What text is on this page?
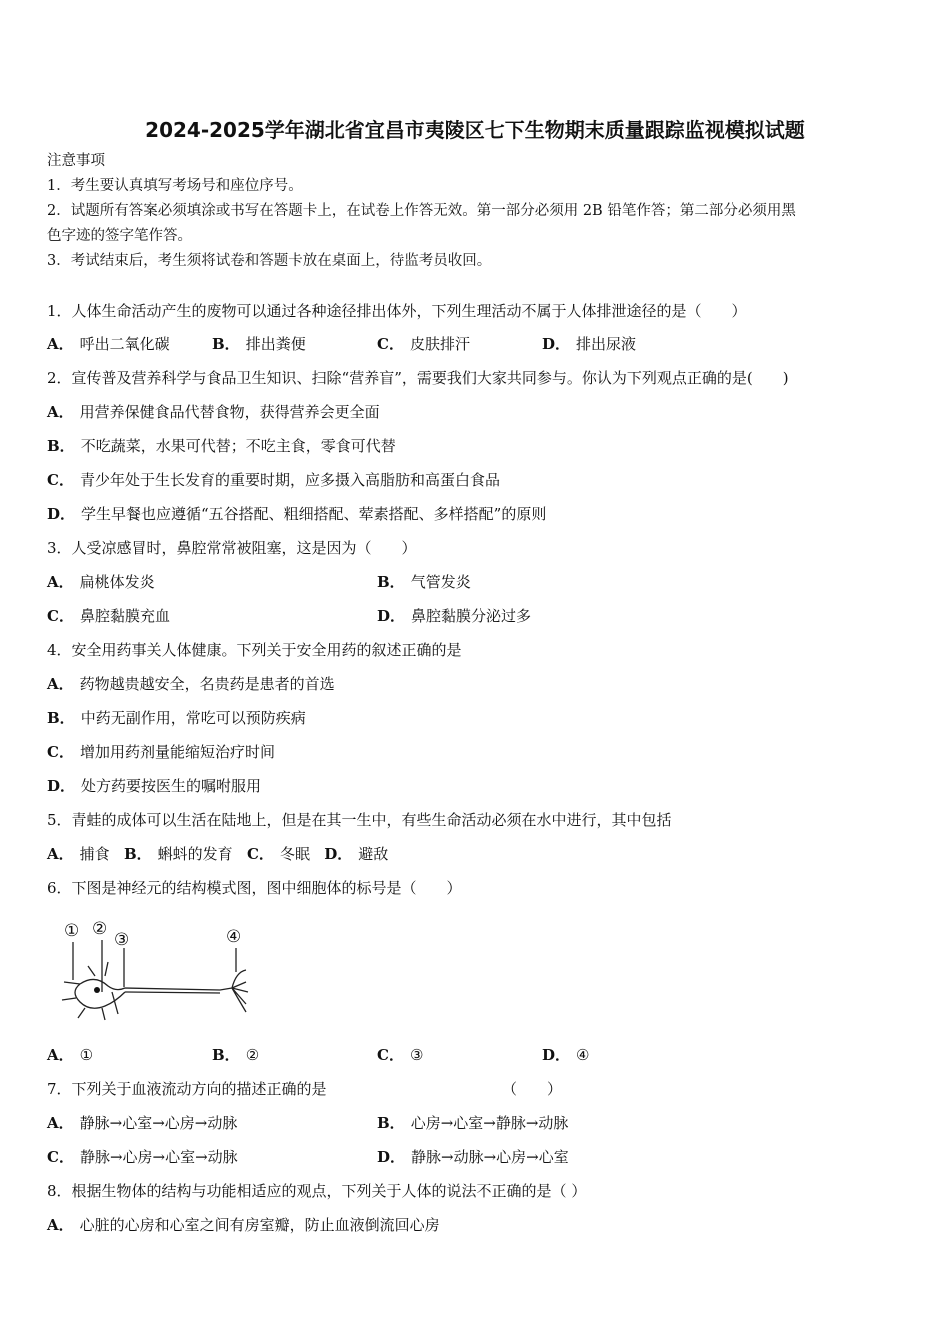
2024-2025学年湖北省宜昌市夷陵区七下生物期末质量跟踪监视模拟试题
注意事项
1．考生要认真填写考场号和座位序号。
2．试题所有答案必须填涂或书写在答题卡上，在试卷上作答无效。第一部分必须用 2B 铅笔作答；第二部分必须用黑
色字迹的签字笔作答。
3．考试结束后，考生须将试卷和答题卡放在桌面上，待监考员收回。
1．人体生命活动产生的废物可以通过各种途径排出体外，下列生理活动不属于人体排泄途径的是（　　）
A． 呼出二氧化碳	B． 排出粪便	C． 皮肤排汗	D． 排出尿液
2．宣传普及营养科学与食品卫生知识、扫除“营养盲”，需要我们大家共同参与。你认为下列观点正确的是(　　)
A． 用营养保健食品代替食物，获得营养会更全面
B． 不吃蔬菜，水果可代替；不吃主食，零食可代替
C． 青少年处于生长发育的重要时期，应多摄入高脂肪和高蛋白食品
D． 学生早餐也应遵循“五谷搭配、粗细搭配、荤素搭配、多样搭配”的原则
3．人受凉感冒时，鼻腔常常被阻塞，这是因为（　　）
A． 扁桃体发炎	B． 气管发炎
C． 鼻腔黏膜充血	D． 鼻腔黏膜分泌过多
4．安全用药事关人体健康。下列关于安全用药的叙述正确的是
A． 药物越贵越安全，名贵药是患者的首选
B． 中药无副作用，常吃可以预防疾病
C． 增加用药剂量能缩短治疗时间
D． 处方药要按医生的嘱咐服用
5．青蛙的成体可以生活在陆地上，但是在其一生中，有些生命活动必须在水中进行，其中包括
A． 捕食 B． 蝌蚪的发育 C． 冬眠 D． 避敌
6．下图是神经元的结构模式图，图中细胞体的标号是（　　）
① ②
③	④
A． ①	B． ②	C． ③	D． ④
7．下列关于血液流动方向的描述正确的是	（　　）
A． 静脉→心室→心房→动脉	B． 心房→心室→静脉→动脉
C． 静脉→心房→心室→动脉	D． 静脉→动脉→心房→心室
8．根据生物体的结构与功能相适应的观点，下列关于人体的说法不正确的是（ ）
A． 心脏的心房和心室之间有房室瓣，防止血液倒流回心房
